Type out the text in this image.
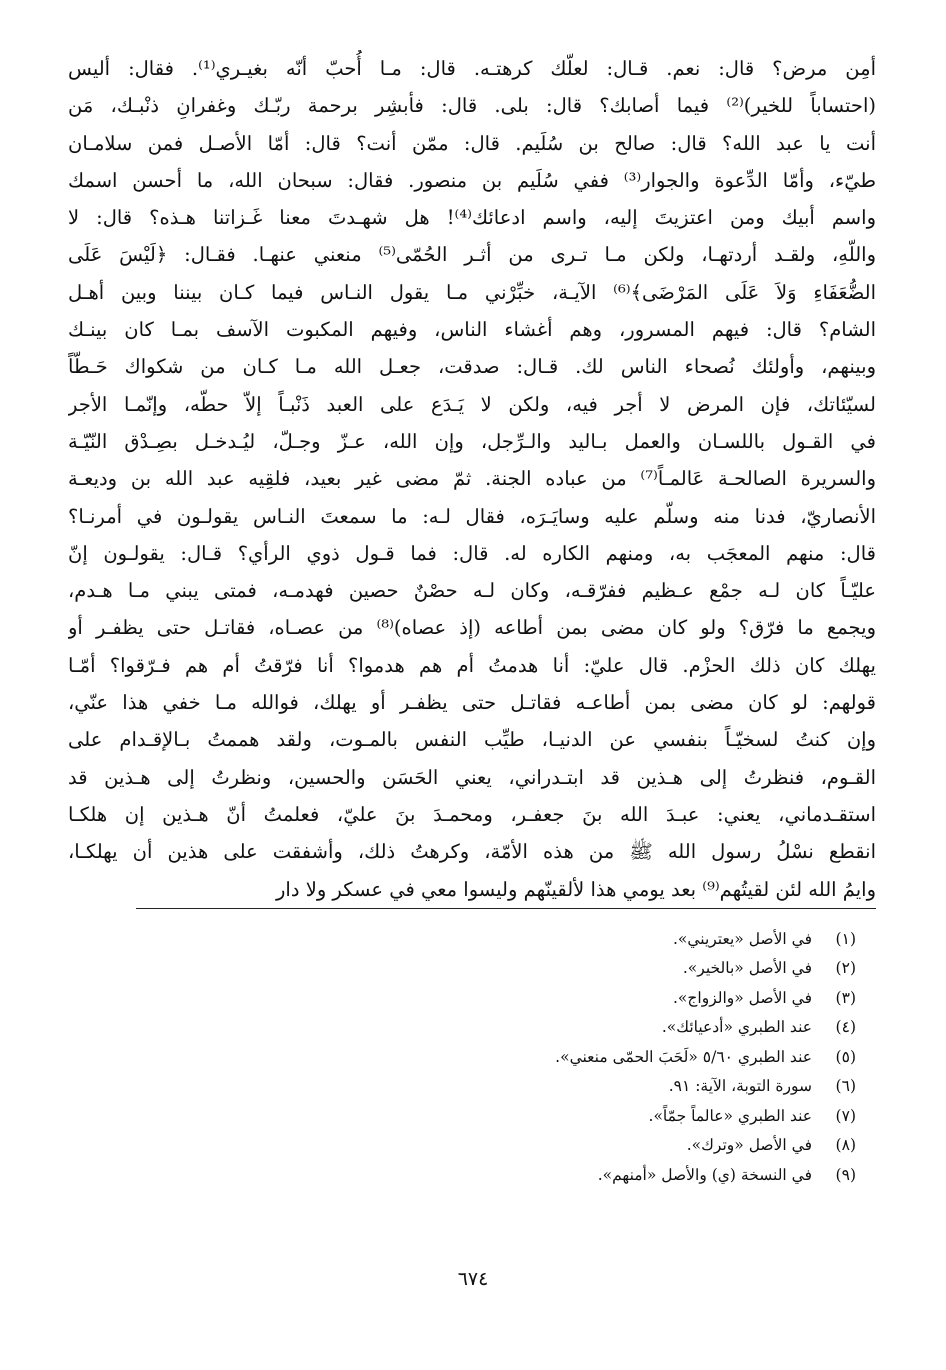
أمِن مرض؟ قال: نعم. قـال: لعلّك كرهتـه. قال: مـا أُحبّ أنّه بغيـري⁽¹⁾. فقال: أليس
(احتساباً للخير)⁽²⁾ فيما أصابك؟ قال: بلى. قال: فأبشِر برحمة ربّـك وغفرانِ ذنْبـك، مَن
أنت يا عبد الله؟ قال: صالح بن سُلَيم. قال: ممّن أنت؟ قال: أمّا الأصـل فمن سلامـان
طيّء، وأمّا الدِّعوة والجوار⁽³⁾ ففي سُلَيم بن منصور. فقال: سبحان الله، ما أحسن اسمك
واسم أبيك ومن اعتزيتَ إليه، واسم ادعائك⁽⁴⁾! هل شهـدتَ معنا غَـزاتنا هـذه؟ قال: لا
واللّهِ، ولقـد أردتهـا، ولكن مـا تـرى من أثـر الحُمّى⁽⁵⁾ منعني عنهـا. فقـال: ﴿لَيْسَ عَلَى
الضُّعَفَاءِ وَلاَ عَلَى المَرْضَى﴾⁽⁶⁾ الآيـة، خبِّرْني مـا يقول النـاس فيما كـان بيننا وبين أهـل
الشام؟ قال: فيهم المسرور، وهم أغشاء الناس، وفيهم المكبوت الآسف بمـا كان بينـك
وبينهم، وأولئك نُصحاء الناس لك. قـال: صدقت، جعـل الله مـا كـان من شكواك حَـطّاً
لسيّئاتك، فإن المرض لا أجر فيه، ولكن لا يَـدَع على العبد ذَنْبـاً إلاّ حطّه، وإنّمـا الأجر
في القـول باللسـان والعمل بـاليد والـرِّجل، وإن الله، عـزّ وجـلّ، ليُـدخـل بصِـدْق النّيّـة
والسريرة الصالحـة عَالمـاً⁽⁷⁾ من عباده الجنة. ثمّ مضى غير بعيد، فلقِيه عبد الله بن وديعـة
الأنصاريّ، فدنا منه وسلّم عليه وسايَـرَه، فقال لـه: ما سمعتَ النـاس يقولـون في أمرنـا؟
قال: منهم المعجَب به، ومنهم الكاره له. قال: فما قـول ذوي الرأي؟ قـال: يقولـون إنّ
عليّـاً كان لـه جمْع عـظيم ففرّقـه، وكان لـه حصْنٌ حصين فهدمـه، فمتى يبني مـا هـدم،
ويجمع ما فرّق؟ ولو كان مضى بمن أطاعه (إذ عصاه)⁽⁸⁾ من عصـاه، فقاتـل حتى يظفـر أو
يهلك كان ذلك الحزْم. قال عليّ: أنا هدمتُ أم هم هدموا؟ أنا فرّقتُ أم هم فـرّقوا؟ أمّـا
قولهم: لو كان مضى بمن أطاعـه فقاتـل حتى يظفـر أو يهلك، فوالله مـا خفي هذا عنّي،
وإن كنتُ لسخيّـاً بنفسي عن الدنيـا، طيِّب النفس بالمـوت، ولقد هممتُ بـالإقـدام على
القـوم، فنظرتُ إلى هـذين قد ابتـدراني، يعني الحَسَن والحسين، ونظرتُ إلى هـذين قد
استقـدماني، يعني: عبـدَ الله بنَ جعفـر، ومحمـدَ بنَ عليّ، فعلمتُ أنّ هـذين إن هلكـا
انقطع نسْلُ رسول الله ﷺ من هذه الأمّة، وكرهتُ ذلك، وأشفقت على هذين أن يهلكـا،
وايمُ الله لئن لقيتُهم⁽⁹⁾ بعد يومي هذا لألقينّهم وليسوا معي في عسكر ولا دار
(١)في الأصل «يعتريني».
(٢)في الأصل «بالخير».
(٣)في الأصل «والزواج».
(٤)عند الطبري «أدعيائك».
(٥)عند الطبري ٥/٦٠ «لَحَبَ الحمّى منعني».
(٦)سورة التوبة، الآية: ٩١.
(٧)عند الطبري «عالماً جمّاً».
(٨)في الأصل «وترك».
(٩)في النسخة (ي) والأصل «أمنهم».
٦٧٤
